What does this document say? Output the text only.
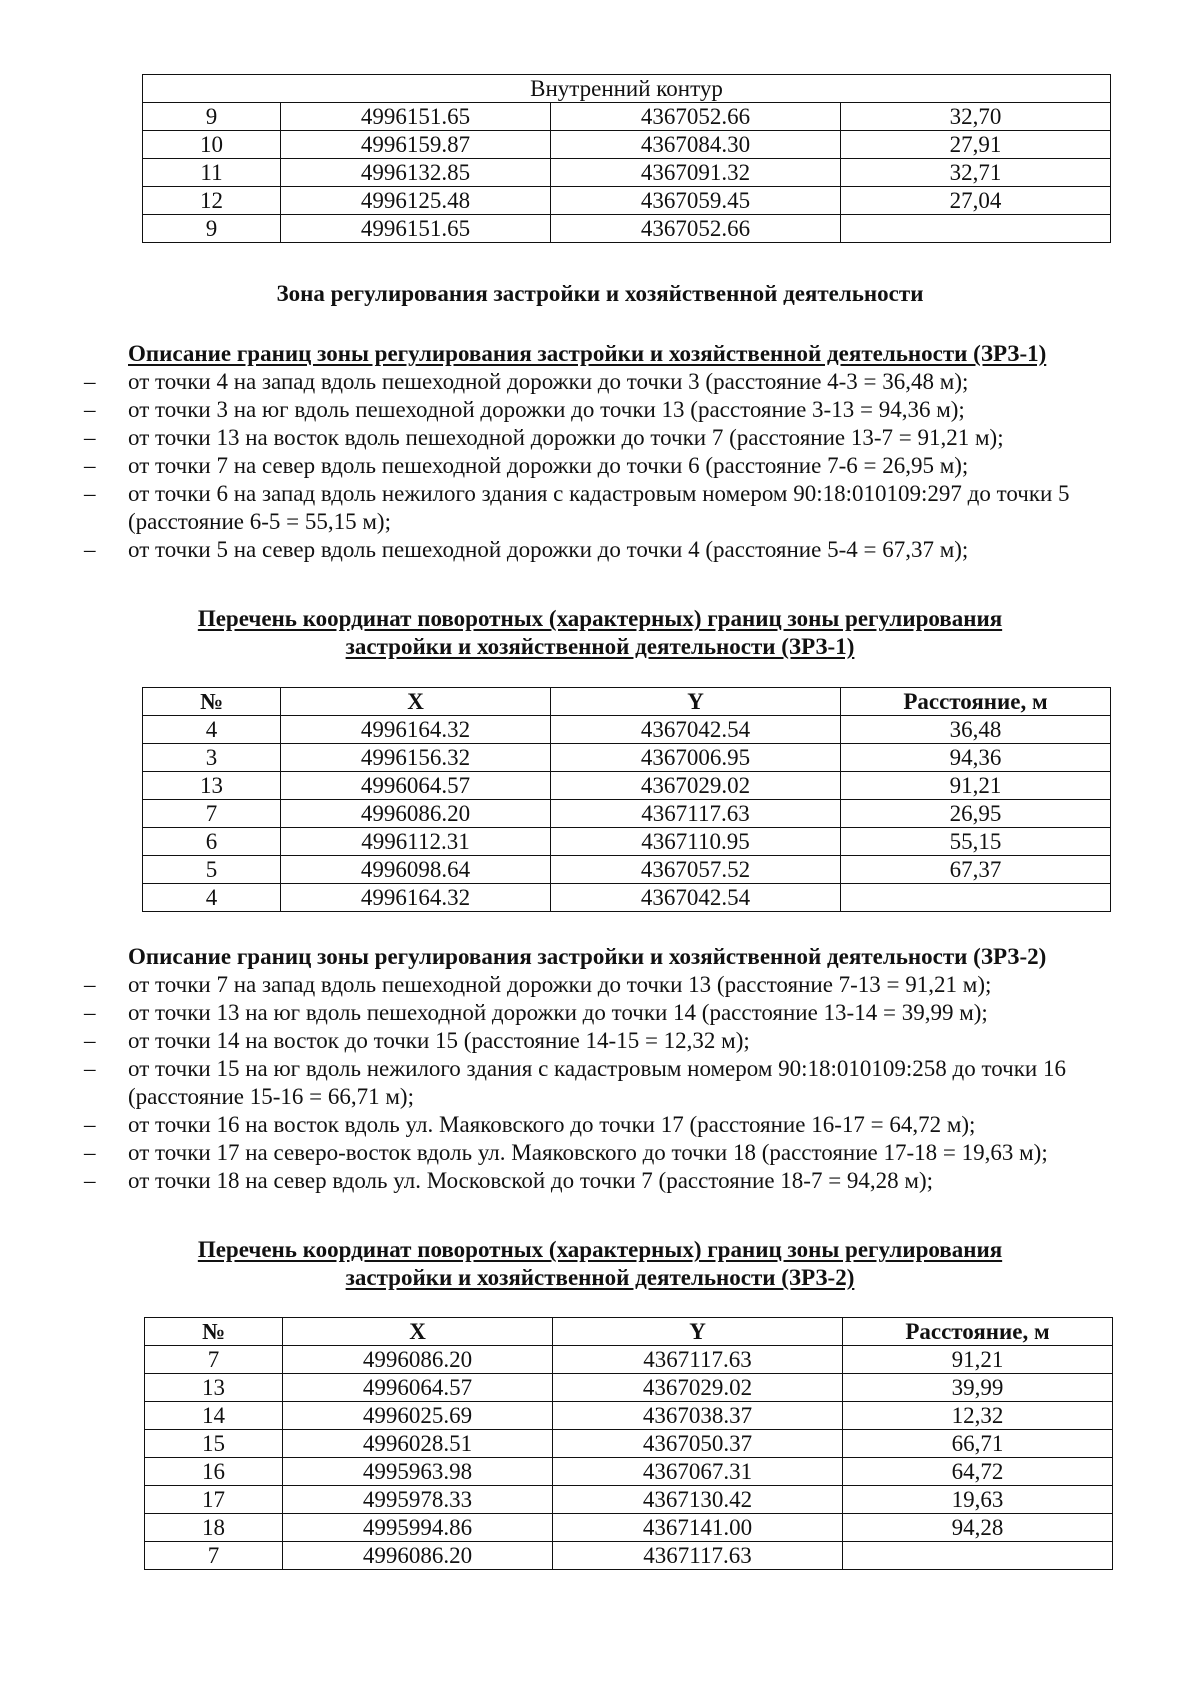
Внутренний контур			
9	4996151.65	4367052.66	32,70
10	4996159.87	4367084.30	27,91
11	4996132.85	4367091.32	32,71
12	4996125.48	4367059.45	27,04
9	4996151.65	4367052.66	
Зона регулирования застройки и хозяйственной деятельности
Описание границ зоны регулирования застройки и хозяйственной деятельности (ЗРЗ-1)
– от точки 4 на запад вдоль пешеходной дорожки до точки 3 (расстояние 4-3 = 36,48 м);
– от точки 3 на юг вдоль пешеходной дорожки до точки 13 (расстояние 3-13 = 94,36 м);
– от точки 13 на восток вдоль пешеходной дорожки до точки 7 (расстояние 13-7 = 91,21 м);
– от точки 7 на север вдоль пешеходной дорожки до точки 6 (расстояние 7-6 = 26,95 м);
– от точки 6 на запад вдоль нежилого здания с кадастровым номером 90:18:010109:297 до точки 5 (расстояние 6-5 = 55,15 м);
– от точки 5 на север вдоль пешеходной дорожки до точки 4 (расстояние 5-4 = 67,37 м);
Перечень координат поворотных (характерных) границ зоны регулирования
застройки и хозяйственной деятельности (ЗРЗ-1)
№	X	Y	Расстояние, м
4	4996164.32	4367042.54	36,48
3	4996156.32	4367006.95	94,36
13	4996064.57	4367029.02	91,21
7	4996086.20	4367117.63	26,95
6	4996112.31	4367110.95	55,15
5	4996098.64	4367057.52	67,37
4	4996164.32	4367042.54	
Описание границ зоны регулирования застройки и хозяйственной деятельности (ЗРЗ-2)
– от точки 7 на запад вдоль пешеходной дорожки до точки 13 (расстояние 7-13 = 91,21 м);
– от точки 13 на юг вдоль пешеходной дорожки до точки 14 (расстояние 13-14 = 39,99 м);
– от точки 14 на восток до точки 15 (расстояние 14-15 = 12,32 м);
– от точки 15 на юг вдоль нежилого здания с кадастровым номером 90:18:010109:258 до точки 16 (расстояние 15-16 = 66,71 м);
– от точки 16 на восток вдоль ул. Маяковского до точки 17 (расстояние 16-17 = 64,72 м);
– от точки 17 на северо-восток вдоль ул. Маяковского до точки 18 (расстояние 17-18 = 19,63 м);
– от точки 18 на север вдоль ул. Московской до точки 7 (расстояние 18-7 = 94,28 м);
Перечень координат поворотных (характерных) границ зоны регулирования
застройки и хозяйственной деятельности (ЗРЗ-2)
№	X	Y	Расстояние, м
7	4996086.20	4367117.63	91,21
13	4996064.57	4367029.02	39,99
14	4996025.69	4367038.37	12,32
15	4996028.51	4367050.37	66,71
16	4995963.98	4367067.31	64,72
17	4995978.33	4367130.42	19,63
18	4995994.86	4367141.00	94,28
7	4996086.20	4367117.63	
